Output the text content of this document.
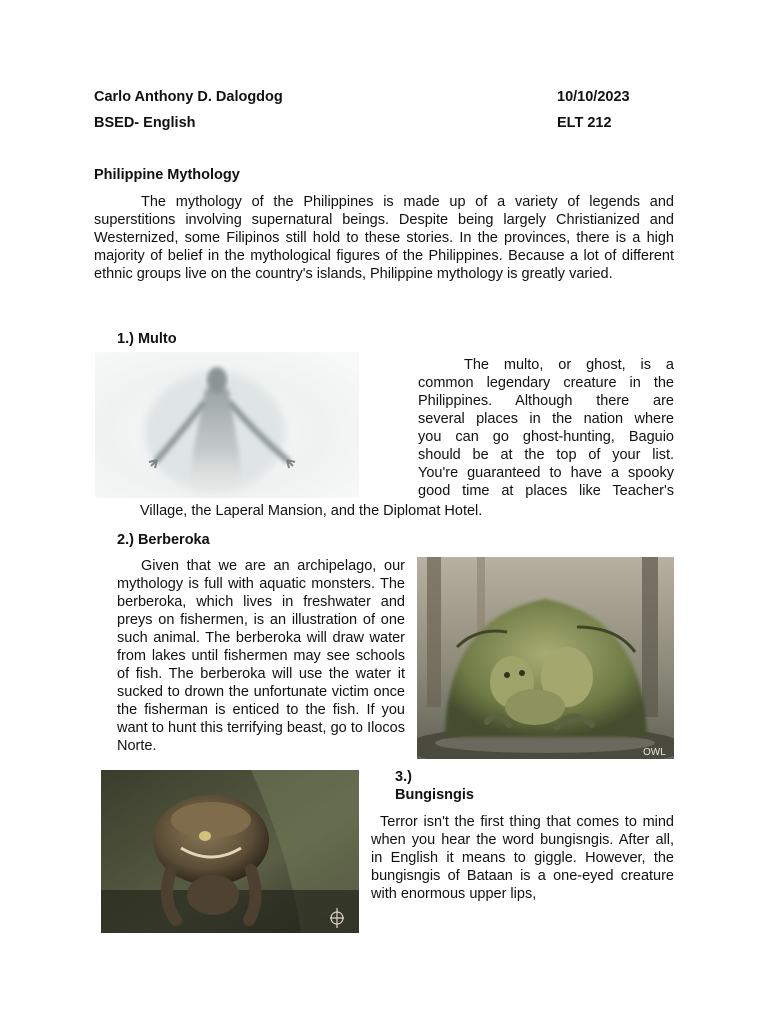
Carlo Anthony D. Dalogdog	10/10/2023
BSED- English	ELT 212
Philippine Mythology
The mythology of the Philippines is made up of a variety of legends and superstitions involving supernatural beings. Despite being largely Christianized and Westernized, some Filipinos still hold to these stories. In the provinces, there is a high majority of belief in the mythological figures of the Philippines. Because a lot of different ethnic groups live on the country's islands, Philippine mythology is greatly varied.
1.) Multo
The multo, or ghost, is a
common legendary creature in the
Philippines. Although there are
several places in the nation where
you can go ghost-hunting, Baguio
should be at the top of your list.
You're guaranteed to have a spooky
good time at places like Teacher's
Village, the Laperal Mansion, and the Diplomat Hotel.
2.) Berberoka
Given that we are an archipelago, our mythology is full with aquatic monsters. The berberoka, which lives in freshwater and preys on fishermen, is an illustration of one such animal. The berberoka will draw water from lakes until fishermen may see schools of fish. The berberoka will use the water it sucked to drown the unfortunate victim once the fisherman is enticed to the fish. If you want to hunt this terrifying beast, go to Ilocos Norte.	OWL
3.)
Bungisngis
Terror isn't the first thing that comes to mind when you hear the word bungisngis. After all, in English it means to giggle. However, the bungisngis of Bataan is a one-eyed creature with enormous upper lips,
